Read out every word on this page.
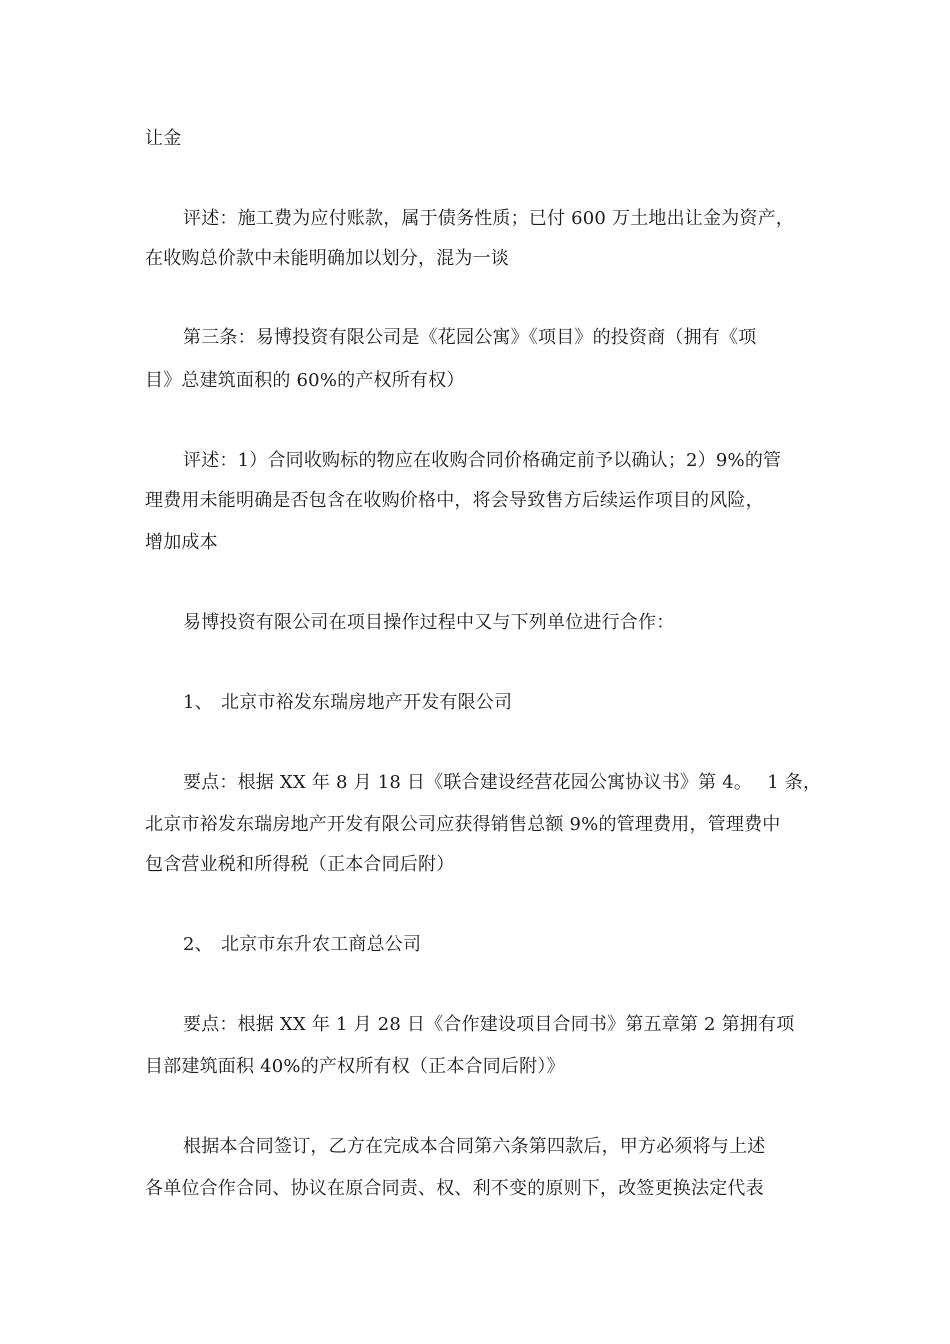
让金
评述：施工费为应付账款，属于债务性质；已付 600 万土地出让金为资产，
在收购总价款中未能明确加以划分，混为一谈
第三条：易博投资有限公司是《花园公寓》《项目》的投资商（拥有《项
目》总建筑面积的 60%的产权所有权）
评述：1）合同收购标的物应在收购合同价格确定前予以确认；2）9%的管
理费用未能明确是否包含在收购价格中，将会导致售方后续运作项目的风险，
增加成本
易博投资有限公司在项目操作过程中又与下列单位进行合作：
1、 北京市裕发东瑞房地产开发有限公司
要点：根据 XX 年 8 月 18 日《联合建设经营花园公寓协议书》第 4。　 1 条，
北京市裕发东瑞房地产开发有限公司应获得销售总额 9%的管理费用，管理费中
包含营业税和所得税（正本合同后附）
2、 北京市东升农工商总公司
要点：根据 XX 年 1 月 28 日《合作建设项目合同书》第五章第 2 第拥有项
目部建筑面积 40%的产权所有权（正本合同后附）》
根据本合同签订，乙方在完成本合同第六条第四款后，甲方必须将与上述
各单位合作合同、协议在原合同责、权、利不变的原则下，改签更换法定代表
